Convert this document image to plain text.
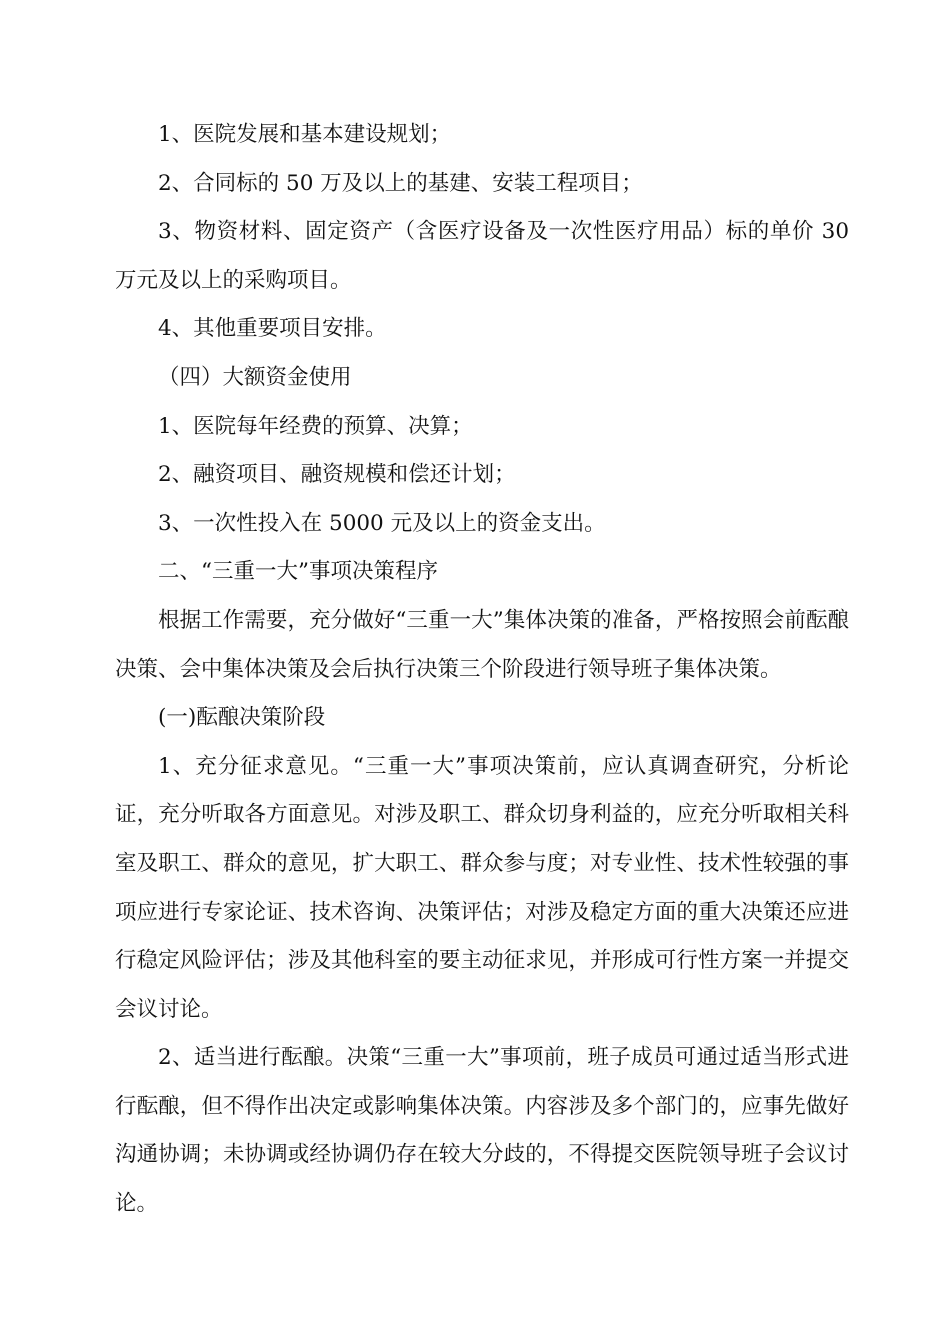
1、医院发展和基本建设规划；

2、合同标的 50 万及以上的基建、安装工程项目；

3、物资材料、固定资产（含医疗设备及一次性医疗用品）标的单价 30 万元及以上的采购项目。

4、其他重要项目安排。

（四）大额资金使用

1、医院每年经费的预算、决算；

2、融资项目、融资规模和偿还计划；

3、一次性投入在 5000 元及以上的资金支出。

二、“三重一大”事项决策程序

根据工作需要，充分做好“三重一大”集体决策的准备，严格按照会前酝酿决策、会中集体决策及会后执行决策三个阶段进行领导班子集体决策。

(一)酝酿决策阶段

1、充分征求意见。“三重一大”事项决策前，应认真调查研究，分析论证，充分听取各方面意见。对涉及职工、群众切身利益的，应充分听取相关科室及职工、群众的意见，扩大职工、群众参与度；对专业性、技术性较强的事项应进行专家论证、技术咨询、决策评估；对涉及稳定方面的重大决策还应进行稳定风险评估；涉及其他科室的要主动征求见，并形成可行性方案一并提交会议讨论。

2、适当进行酝酿。决策“三重一大”事项前，班子成员可通过适当形式进行酝酿，但不得作出决定或影响集体决策。内容涉及多个部门的，应事先做好沟通协调；未协调或经协调仍存在较大分歧的，不得提交医院领导班子会议讨论。
